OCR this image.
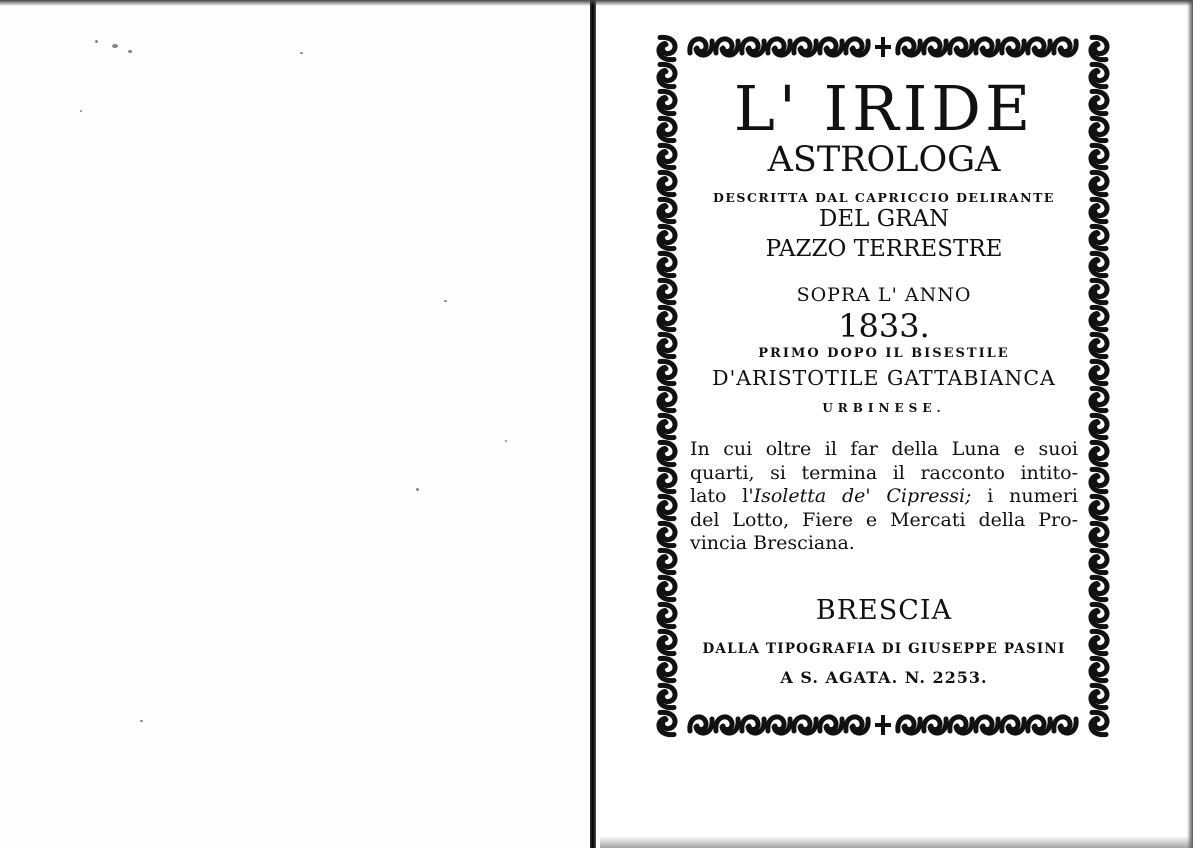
L' IRIDE
ASTROLOGA
DESCRITTA DAL CAPRICCIO DELIRANTE
DEL GRAN
PAZZO TERRESTRE
SOPRA L' ANNO
1833.
PRIMO DOPO IL BISESTILE
D'ARISTOTILE GATTABIANCA
URBINESE.
In cui oltre il far della Luna e suoi
quarti, si termina il racconto intito-
lato l'Isoletta de' Cipressi; i numeri
del Lotto, Fiere e Mercati della Pro-
vincia Bresciana.
BRESCIA
DALLA TIPOGRAFIA DI GIUSEPPE PASINI
A S. AGATA. N. 2253.
